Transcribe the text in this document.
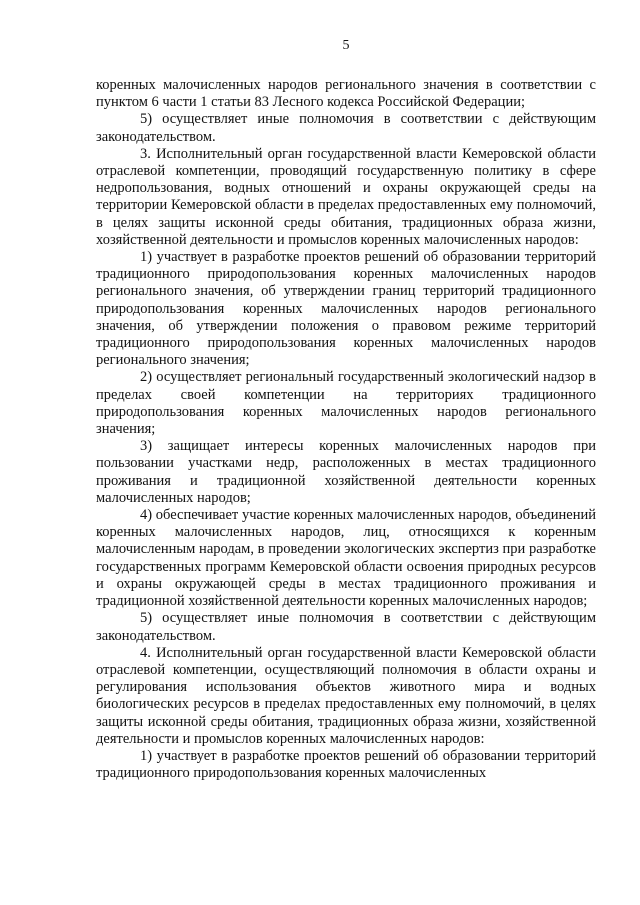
5

коренных малочисленных народов регионального значения в соответствии с пунктом 6 части 1 статьи 83 Лесного кодекса Российской Федерации;

5) осуществляет иные полномочия в соответствии с действующим законодательством.

3. Исполнительный орган государственной власти Кемеровской области отраслевой компетенции, проводящий государственную политику в сфере недропользования, водных отношений и охраны окружающей среды на территории Кемеровской области в пределах предоставленных ему полномочий, в целях защиты исконной среды обитания, традиционных образа жизни, хозяйственной деятельности и промыслов коренных малочисленных народов:

1) участвует в разработке проектов решений об образовании территорий традиционного природопользования коренных малочисленных народов регионального значения, об утверждении границ территорий традиционного природопользования коренных малочисленных народов регионального значения, об утверждении положения о правовом режиме территорий традиционного природопользования коренных малочисленных народов регионального значения;

2) осуществляет региональный государственный экологический надзор в пределах своей компетенции на территориях традиционного природопользования коренных малочисленных народов регионального значения;

3) защищает интересы коренных малочисленных народов при пользовании участками недр, расположенных в местах традиционного проживания и традиционной хозяйственной деятельности коренных малочисленных народов;

4) обеспечивает участие коренных малочисленных народов, объединений коренных малочисленных народов, лиц, относящихся к коренным малочисленным народам, в проведении экологических экспертиз при разработке государственных программ Кемеровской области освоения природных ресурсов и охраны окружающей среды в местах традиционного проживания и традиционной хозяйственной деятельности коренных малочисленных народов;

5) осуществляет иные полномочия в соответствии с действующим законодательством.

4. Исполнительный орган государственной власти Кемеровской области отраслевой компетенции, осуществляющий полномочия в области охраны и регулирования использования объектов животного мира и водных биологических ресурсов в пределах предоставленных ему полномочий, в целях защиты исконной среды обитания, традиционных образа жизни, хозяйственной деятельности и промыслов коренных малочисленных народов:

1) участвует в разработке проектов решений об образовании территорий традиционного природопользования коренных малочисленных
